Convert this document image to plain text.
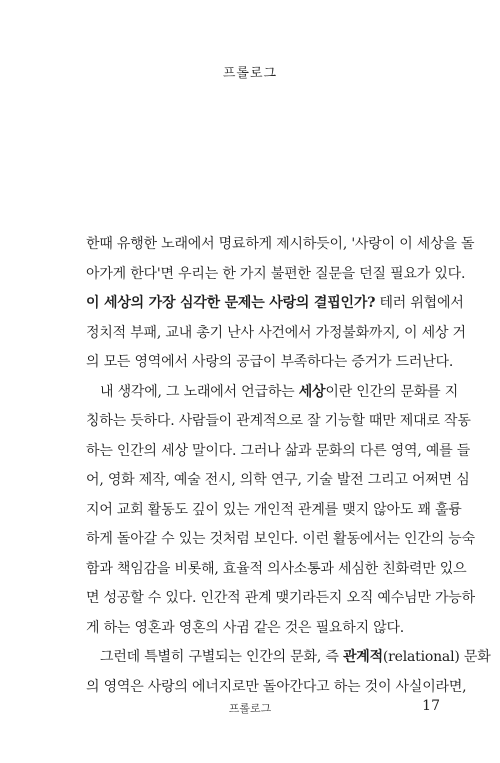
프롤로그
한때 유행한 노래에서 명료하게 제시하듯이, '사랑이 이 세상을 돌
아가게 한다'면 우리는 한 가지 불편한 질문을 던질 필요가 있다.
이 세상의 가장 심각한 문제는 사랑의 결핍인가? 테러 위협에서
정치적 부패, 교내 총기 난사 사건에서 가정불화까지, 이 세상 거
의 모든 영역에서 사랑의 공급이 부족하다는 증거가 드러난다.
내 생각에, 그 노래에서 언급하는 세상이란 인간의 문화를 지
칭하는 듯하다. 사람들이 관계적으로 잘 기능할 때만 제대로 작동
하는 인간의 세상 말이다. 그러나 삶과 문화의 다른 영역, 예를 들
어, 영화 제작, 예술 전시, 의학 연구, 기술 발전 그리고 어쩌면 심
지어 교회 활동도 깊이 있는 개인적 관계를 맺지 않아도 꽤 훌륭
하게 돌아갈 수 있는 것처럼 보인다. 이런 활동에서는 인간의 능숙
함과 책임감을 비롯해, 효율적 의사소통과 세심한 친화력만 있으
면 성공할 수 있다. 인간적 관계 맺기라든지 오직 예수님만 가능하
게 하는 영혼과 영혼의 사귐 같은 것은 필요하지 않다.
그런데 특별히 구별되는 인간의 문화, 즉 관계적(relational) 문화
의 영역은 사랑의 에너지로만 돌아간다고 하는 것이 사실이라면,
프롤로그	17
